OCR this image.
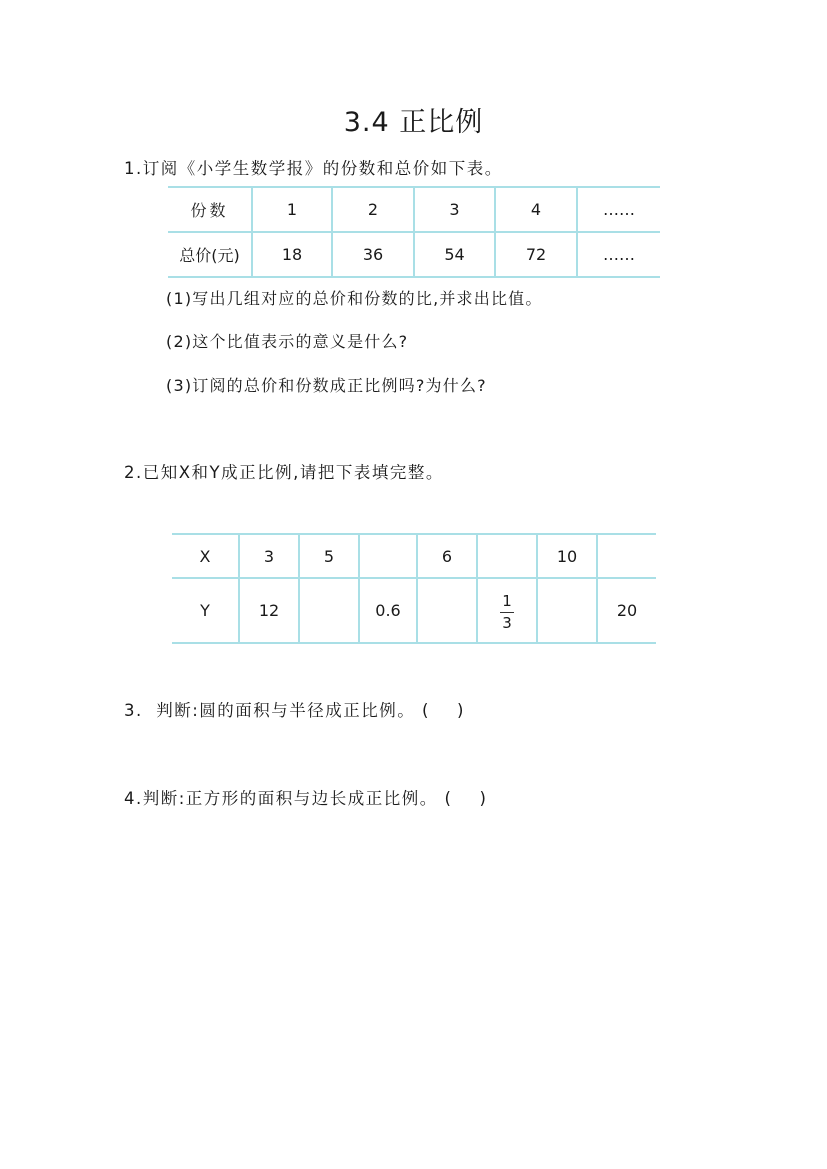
3.4 正比例
1.订阅《小学生数学报》的份数和总价如下表。
份数	1	2	3	4	……
总价(元)	18	36	54	72	……
(1)写出几组对应的总价和份数的比,并求出比值。
(2)这个比值表示的意义是什么?
(3)订阅的总价和份数成正比例吗?为什么?
2.已知X和Y成正比例,请把下表填完整。
X	3	5		6		10	
Y	12		0.6		$\frac{1}{3}$		20
3.  判断:圆的面积与半径成正比例。 (    )
4.判断:正方形的面积与边长成正比例。 (    )
